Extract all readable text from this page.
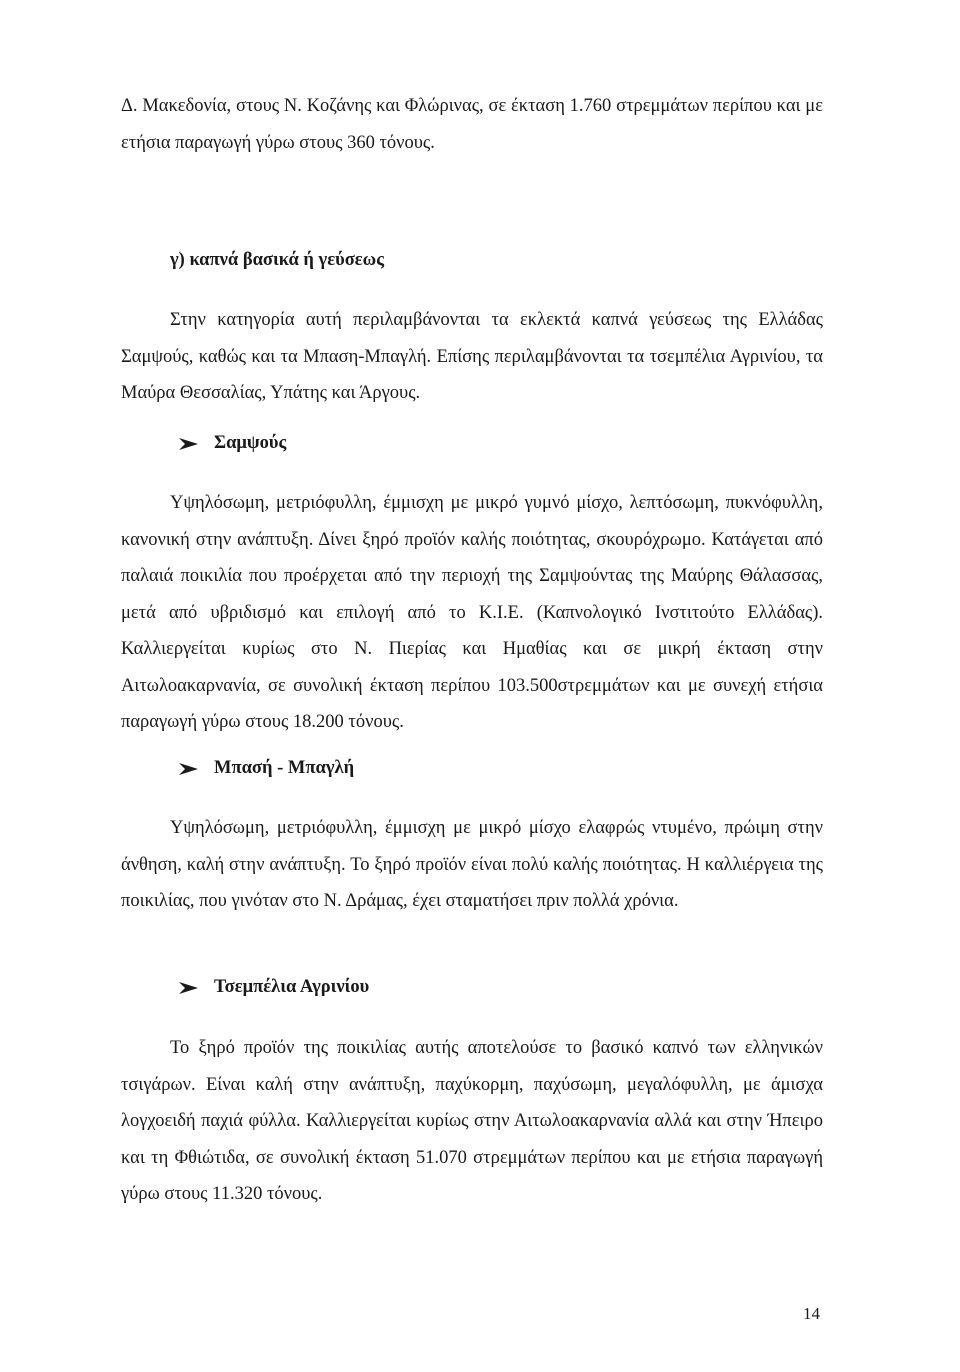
Δ. Μακεδονία, στους Ν. Κοζάνης και Φλώρινας, σε έκταση 1.760 στρεμμάτων περίπου και με ετήσια παραγωγή γύρω στους 360 τόνους.

γ) καπνά βασικά ή γεύσεως

Στην κατηγορία αυτή περιλαμβάνονται τα εκλεκτά καπνά γεύσεως της Ελλάδας Σαμψούς, καθώς και τα Μπαση-Μπαγλή. Επίσης περιλαμβάνονται τα τσεμπέλια Αγρινίου, τα Μαύρα Θεσσαλίας, Υπάτης και Άργους.

Σαμψούς

Υψηλόσωμη, μετριόφυλλη, έμμισχη με μικρό γυμνό μίσχο, λεπτόσωμη, πυκνόφυλλη, κανονική στην ανάπτυξη. Δίνει ξηρό προϊόν καλής ποιότητας, σκουρόχρωμο. Κατάγεται από παλαιά ποικιλία που προέρχεται από την περιοχή της Σαμψούντας της Μαύρης Θάλασσας, μετά από υβριδισμό και επιλογή από το Κ.Ι.Ε. (Καπνολογικό Ινστιτούτο Ελλάδας). Καλλιεργείται κυρίως στο Ν. Πιερίας και Ημαθίας και σε μικρή έκταση στην Αιτωλοακαρνανία, σε συνολική έκταση περίπου 103.500στρεμμάτων και με συνεχή ετήσια παραγωγή γύρω στους 18.200 τόνους.

Μπασή - Μπαγλή

Υψηλόσωμη, μετριόφυλλη, έμμισχη με μικρό μίσχο ελαφρώς ντυμένο, πρώιμη στην άνθηση, καλή στην ανάπτυξη. Το ξηρό προϊόν είναι πολύ καλής ποιότητας. Η καλλιέργεια της ποικιλίας, που γινόταν στο Ν. Δράμας, έχει σταματήσει πριν πολλά χρόνια.

Τσεμπέλια Αγρινίου

Το ξηρό προϊόν της ποικιλίας αυτής αποτελούσε το βασικό καπνό των ελληνικών τσιγάρων. Είναι καλή στην ανάπτυξη, παχύκορμη, παχύσωμη, μεγαλόφυλλη, με άμισχα λογχοειδή παχιά φύλλα. Καλλιεργείται κυρίως στην Αιτωλοακαρνανία αλλά και στην Ήπειρο και τη Φθιώτιδα, σε συνολική έκταση 51.070 στρεμμάτων περίπου και με ετήσια παραγωγή γύρω στους 11.320 τόνους.

14
